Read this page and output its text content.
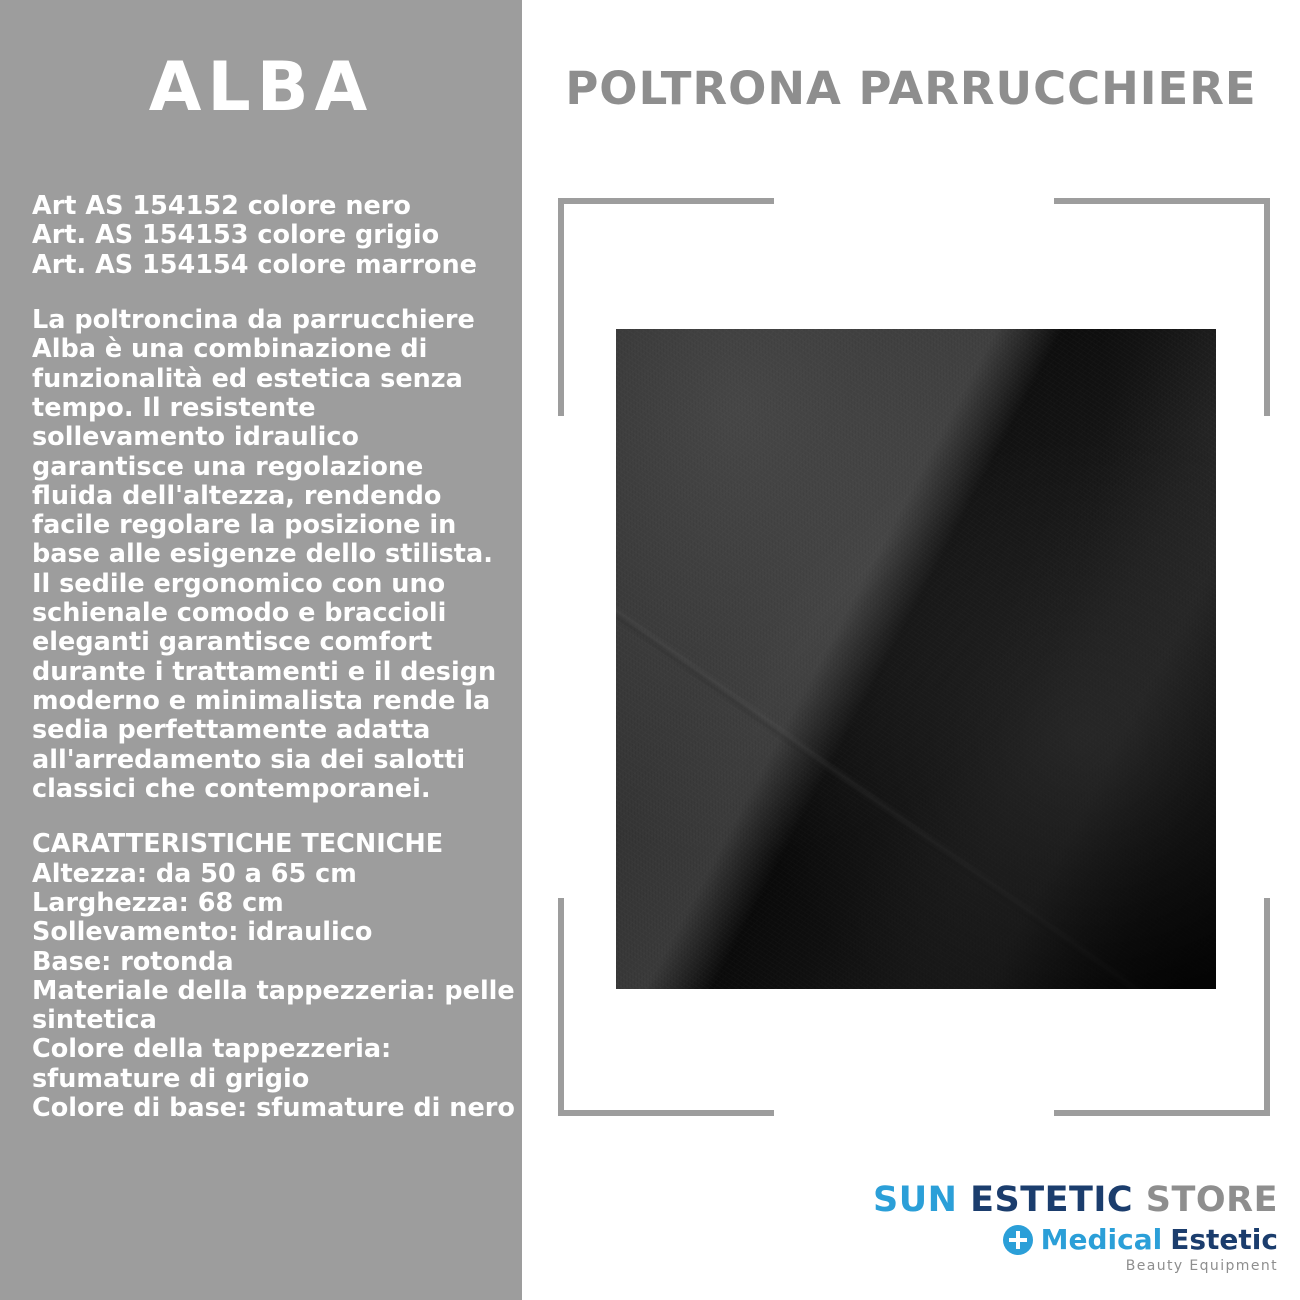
ALBA
Art AS 154152 colore nero
Art. AS 154153 colore grigio
Art. AS 154154 colore marrone
La poltroncina da parrucchiere Alba è una combinazione di funzionalità ed estetica senza tempo. Il resistente sollevamento idraulico garantisce una regolazione fluida dell'altezza, rendendo facile regolare la posizione in base alle esigenze dello stilista. Il sedile ergonomico con uno schienale comodo e braccioli eleganti garantisce comfort durante i trattamenti e il design moderno e minimalista rende la sedia perfettamente adatta all'arredamento sia dei salotti classici che contemporanei.
CARATTERISTICHE TECNICHE
Altezza: da 50 a 65 cm
Larghezza: 68 cm
Sollevamento: idraulico
Base: rotonda
Materiale della tappezzeria: pelle sintetica
Colore della tappezzeria: sfumature di grigio
Colore di base: sfumature di nero
POLTRONA PARRUCCHIERE
SUN ESTETIC STORE
Medical Estetic
Beauty Equipment
